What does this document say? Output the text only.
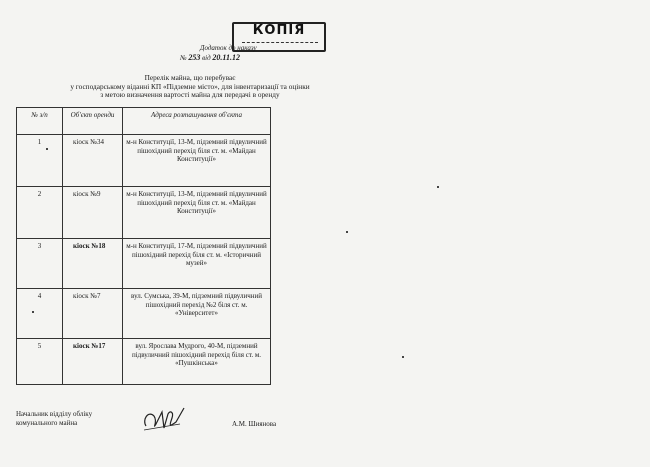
КОПІЯ
Додаток до наказу
№ 253 від 20.11.12
Перелік майна, що перебуває
у господарському віданні КП «Підземне місто», для інвентаризації та оцінки
з метою визначення вартості майна для передачі в оренду
№ з/п	Об'єкт оренди	Адреса розташування об'єкта
1	кіоск №34	м-н Конституції, 13-М, підземний підвуличний пішохідний перехід біля ст. м. «Майдан Конституції»
2	кіоск №9	м-н Конституції, 13-М, підземний підвуличний пішохідний перехід біля ст. м. «Майдан Конституції»
3	кіоск №18	м-н Конституції, 17-М, підземний підвуличний пішохідний перехід біля ст. м. «Історичний музей»
4	кіоск №7	вул. Сумська, 39-М, підземний підвуличний пішохідний перехід №2 біля ст. м. «Університет»
5	кіоск №17	вул. Ярослава Мудрого, 40-М, підземний підвуличний пішохідний перехід біля ст. м. «Пушкінська»
Начальник відділу обліку
комунального майна	А.М. Шиянова
